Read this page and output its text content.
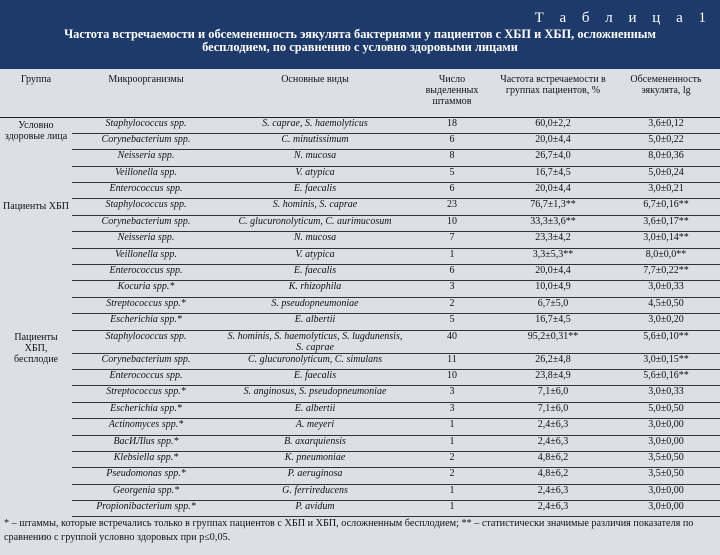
Т а б л и ц а 1
Частота встречаемости и обсемененность эякулята бактериями у пациентов с ХБП и ХБП, осложненным бесплодием, по сравнению с условно здоровыми лицами
Группа	Микроорганизмы	Основные виды	Число выделенных штаммов	Частота встречаемости в группах пациентов, %	Обсемененность эякулята, lg
Условно здоровые лица	Staphylococcus spp.	S. caprae, S. haemolyticus	18	60,0±2,2	3,6±0,12
	Corynebacterium spp.	C. minutissimum	6	20,0±4,4	5,0±0,22
	Neisseria spp.	N. mucosa	8	26,7±4,0	8,0±0,36
	Veillonella spp.	V. atypica	5	16,7±4,5	5,0±0,24
	Enterococcus spp.	E. faecalis	6	20,0±4,4	3,0±0,21
Пациенты ХБП	Staphylococcus spp.	S. hominis, S. caprae	23	76,7±1,3**	6,7±0,16**
	Corynebacterium spp.	C. glucuronolyticum, C. aurimucosum	10	33,3±3,6**	3,6±0,17**
	Neisseria spp.	N. mucosa	7	23,3±4,2	3,0±0,14**
	Veillonella spp.	V. atypica	1	3,3±5,3**	8,0±0,0**
	Enterococcus spp.	E. faecalis	6	20,0±4,4	7,7±0,22**
	Kocuria spp.*	K. rhizophila	3	10,0±4,9	3,0±0,33
	Streptococcus spp.*	S. pseudopneumoniae	2	6,7±5,0	4,5±0,50
	Escherichia spp.*	E. albertii	5	16,7±4,5	3,0±0,20
Пациенты ХБП, бесплодие	Staphylococcus spp.	S. hominis, S. haemolyticus, S. lugdunensis, S. caprae	40	95,2±0,31**	5,6±0,10**
	Corynebacterium spp.	C. glucuronolyticum, C. simulans	11	26,2±4,8	3,0±0,15**
	Enterococcus spp.	E. faecalis	10	23,8±4,9	5,6±0,16**
	Streptococcus spp.*	S. anginosus, S. pseudopneumoniae	3	7,1±6,0	3,0±0,33
	Escherichia spp.*	E. albertii	3	7,1±6,0	5,0±0,50
	Actinomyces spp.*	A. meyeri	1	2,4±6,3	3,0±0,00
	ВасИЛlus spp.*	B. axarquiensis	1	2,4±6,3	3,0±0,00
	Klebsiella spp.*	K. pneumoniae	2	4,8±6,2	3,5±0,50
	Pseudomonas spp.*	P. aeruginosa	2	4,8±6,2	3,5±0,50
	Georgenia spp.*	G. ferrireducens	1	2,4±6,3	3,0±0,00
	Propionibacterium spp.*	P. avidum	1	2,4±6,3	3,0±0,00
* – штаммы, которые встречались только в группах пациентов с ХБП и ХБП, осложненным бесплодием; ** – статистически значимые различия показателя по сравнению с группой условно здоровых при p≤0,05.
